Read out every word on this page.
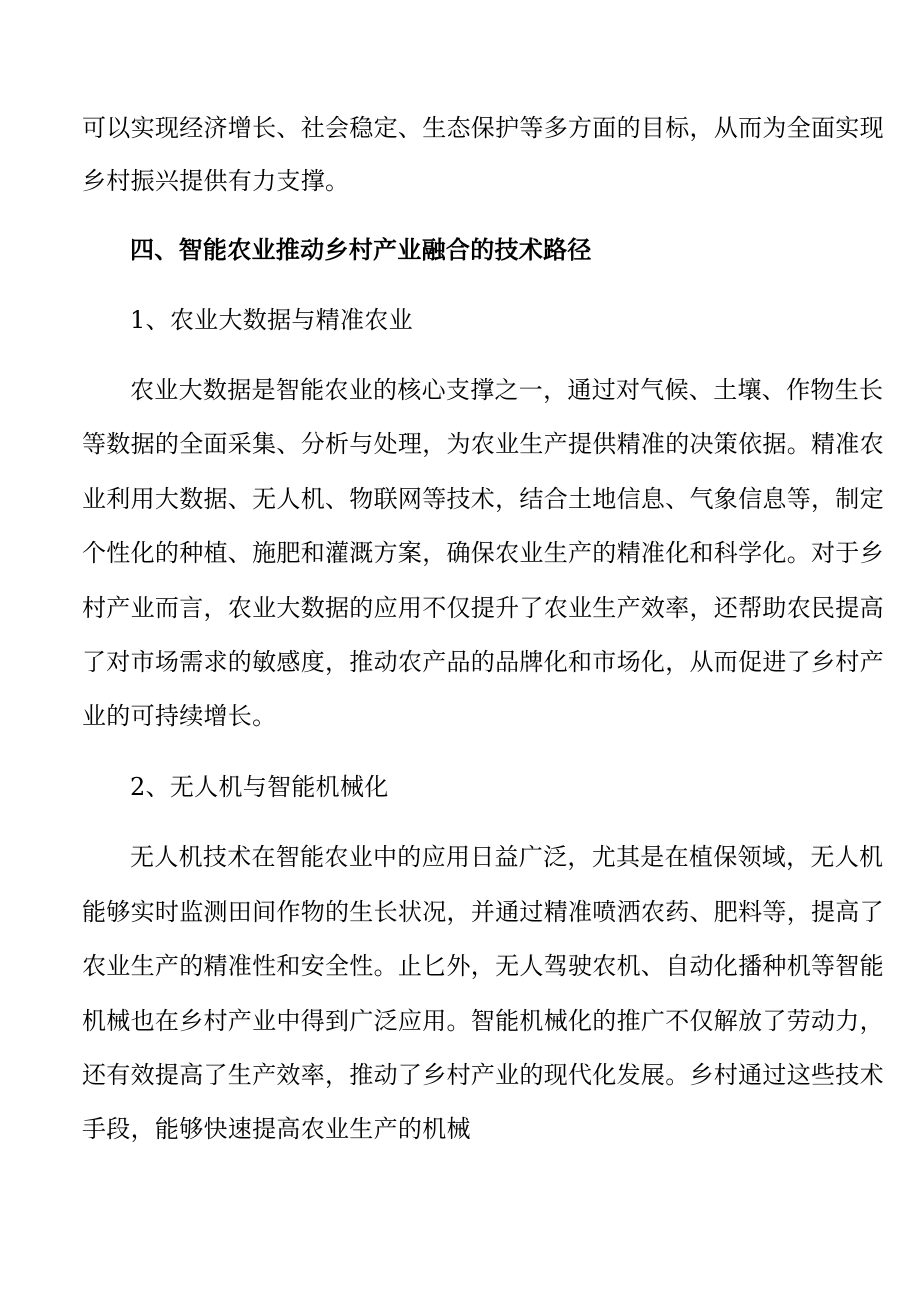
可以实现经济增长、社会稳定、生态保护等多方面的目标，从而为全面实现

乡村振兴提供有力支撑。

四、智能农业推动乡村产业融合的技术路径

1、农业大数据与精准农业

农业大数据是智能农业的核心支撑之一，通过对气候、土壤、作物生长

等数据的全面采集、分析与处理，为农业生产提供精准的决策依据。精准农

业利用大数据、无人机、物联网等技术，结合土地信息、气象信息等，制定

个性化的种植、施肥和灌溉方案，确保农业生产的精准化和科学化。对于乡

村产业而言，农业大数据的应用不仅提升了农业生产效率，还帮助农民提高

了对市场需求的敏感度，推动农产品的品牌化和市场化，从而促进了乡村产

业的可持续增长。

2、无人机与智能机械化

无人机技术在智能农业中的应用日益广泛，尤其是在植保领域，无人机

能够实时监测田间作物的生长状况，并通过精准喷洒农药、肥料等，提高了

农业生产的精准性和安全性。止匕外，无人驾驶农机、自动化播种机等智能

机械也在乡村产业中得到广泛应用。智能机械化的推广不仅解放了劳动力，

还有效提高了生产效率，推动了乡村产业的现代化发展。乡村通过这些技术

手段，能够快速提高农业生产的机械
